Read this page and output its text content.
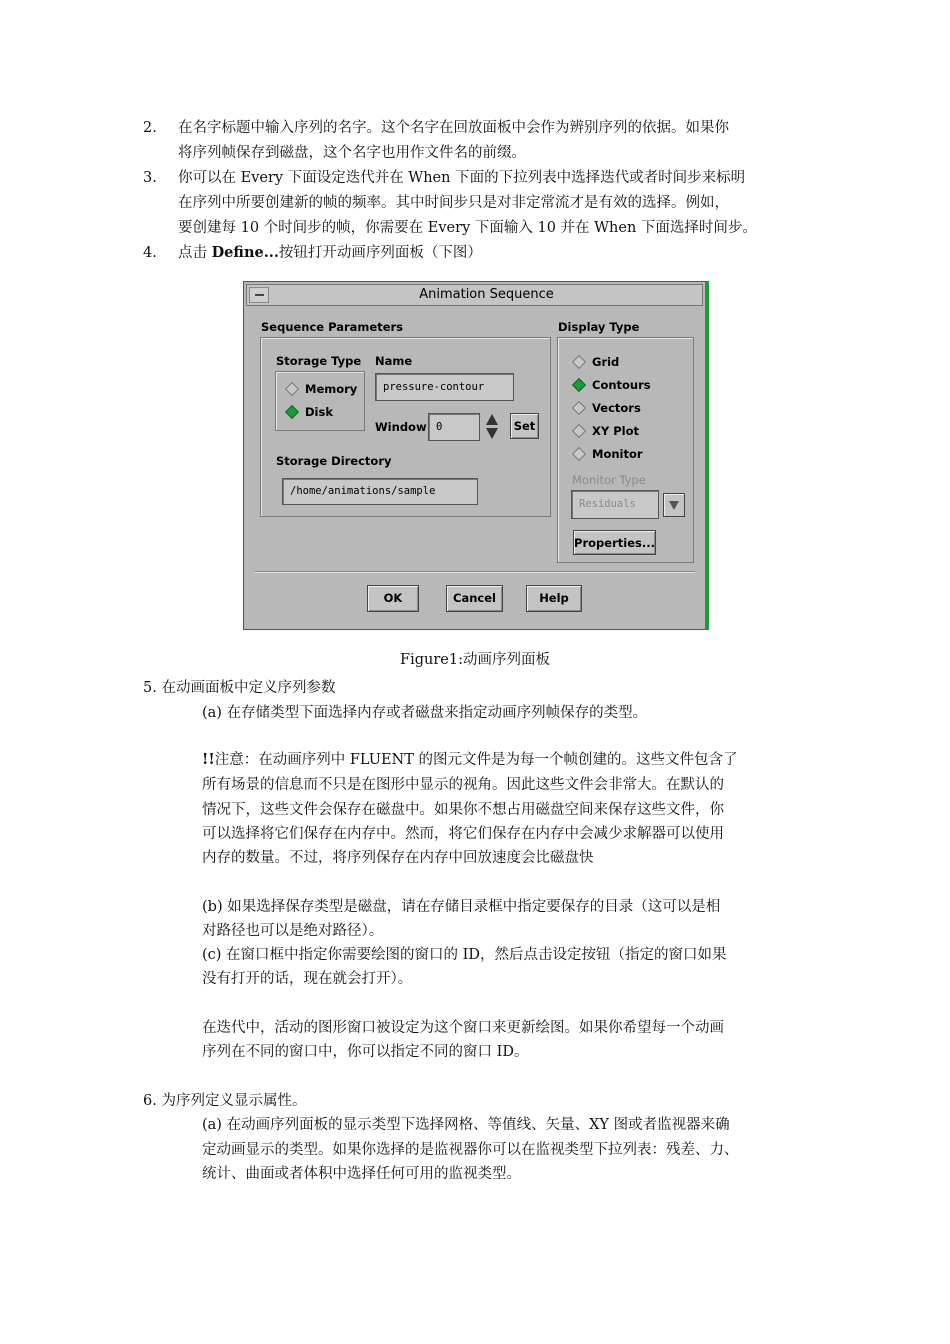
2. 在名字标题中输入序列的名字。这个名字在回放面板中会作为辨别序列的依据。如果你
将序列帧保存到磁盘，这个名字也用作文件名的前缀。
3. 你可以在 Every 下面设定迭代并在 When 下面的下拉列表中选择迭代或者时间步来标明
在序列中所要创建新的帧的频率。其中时间步只是对非定常流才是有效的选择。例如，
要创建每 10 个时间步的帧，你需要在 Every 下面输入 10 并在 When 下面选择时间步。
4. 点击 Define...按钮打开动画序列面板（下图）
Animation Sequence
Sequence Parameters
Storage Type
Memory
Disk
Name
pressure-contour
Window 0	Set
Storage Directory
/home/animations/sample
Display Type
Grid
Contours
Vectors
XY Plot
Monitor
Monitor Type
Residuals
Properties...
OK	Cancel	Help
Figure1:动画序列面板
5. 在动画面板中定义序列参数
(a) 在存储类型下面选择内存或者磁盘来指定动画序列帧保存的类型。
!!注意：在动画序列中 FLUENT 的图元文件是为每一个帧创建的。这些文件包含了
所有场景的信息而不只是在图形中显示的视角。因此这些文件会非常大。在默认的
情况下，这些文件会保存在磁盘中。如果你不想占用磁盘空间来保存这些文件，你
可以选择将它们保存在内存中。然而，将它们保存在内存中会减少求解器可以使用
内存的数量。不过，将序列保存在内存中回放速度会比磁盘快
(b) 如果选择保存类型是磁盘，请在存储目录框中指定要保存的目录（这可以是相
对路径也可以是绝对路径）。
(c) 在窗口框中指定你需要绘图的窗口的 ID，然后点击设定按钮（指定的窗口如果
没有打开的话，现在就会打开）。
在迭代中，活动的图形窗口被设定为这个窗口来更新绘图。如果你希望每一个动画
序列在不同的窗口中，你可以指定不同的窗口 ID。
6. 为序列定义显示属性。
(a) 在动画序列面板的显示类型下选择网格、等值线、矢量、XY 图或者监视器来确
定动画显示的类型。如果你选择的是监视器你可以在监视类型下拉列表：残差、力、
统计、曲面或者体积中选择任何可用的监视类型。
